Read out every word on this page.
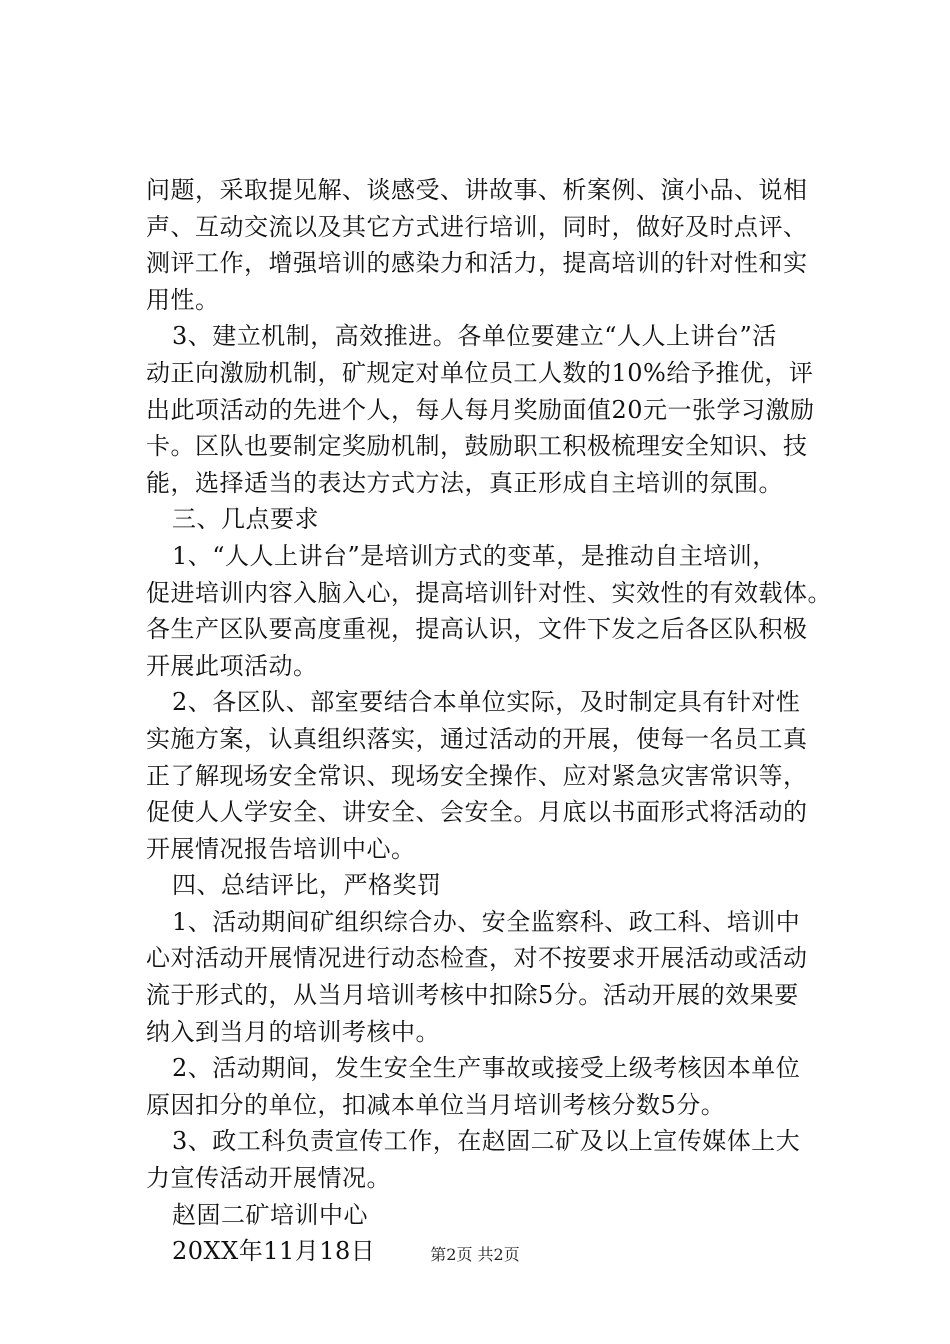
问题，采取提见解、谈感受、讲故事、析案例、演小品、说相
声、互动交流以及其它方式进行培训，同时，做好及时点评、
测评工作，增强培训的感染力和活力，提高培训的针对性和实
用性。
3、建立机制，高效推进。各单位要建立“人人上讲台”活
动正向激励机制，矿规定对单位员工人数的10%给予推优，评
出此项活动的先进个人，每人每月奖励面值20元一张学习激励
卡。区队也要制定奖励机制，鼓励职工积极梳理安全知识、技
能，选择适当的表达方式方法，真正形成自主培训的氛围。
三、几点要求
1、“人人上讲台”是培训方式的变革，是推动自主培训，
促进培训内容入脑入心，提高培训针对性、实效性的有效载体。
各生产区队要高度重视，提高认识，文件下发之后各区队积极
开展此项活动。
2、各区队、部室要结合本单位实际，及时制定具有针对性
实施方案，认真组织落实，通过活动的开展，使每一名员工真
正了解现场安全常识、现场安全操作、应对紧急灾害常识等，
促使人人学安全、讲安全、会安全。月底以书面形式将活动的
开展情况报告培训中心。
四、总结评比，严格奖罚
1、活动期间矿组织综合办、安全监察科、政工科、培训中
心对活动开展情况进行动态检查，对不按要求开展活动或活动
流于形式的，从当月培训考核中扣除5分。活动开展的效果要
纳入到当月的培训考核中。
2、活动期间，发生安全生产事故或接受上级考核因本单位
原因扣分的单位，扣减本单位当月培训考核分数5分。
3、政工科负责宣传工作，在赵固二矿及以上宣传媒体上大
力宣传活动开展情况。
赵固二矿培训中心
20XX年11月18日	第2页 共2页
